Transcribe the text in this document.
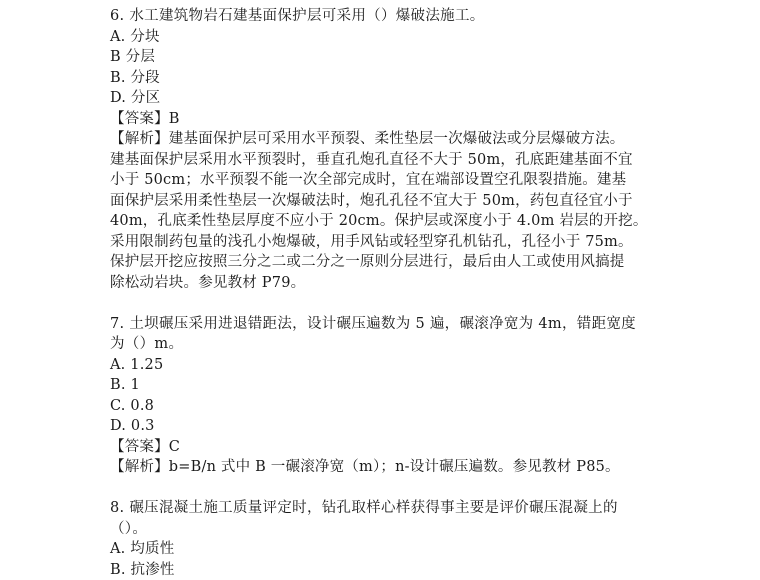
6. 水工建筑物岩石建基面保护层可采用（）爆破法施工。
A. 分块
B 分层
B. 分段
D. 分区
【答案】B
【解析】建基面保护层可采用水平预裂、柔性垫层一次爆破法或分层爆破方法。
建基面保护层采用水平预裂时，垂直孔炮孔直径不大于 50m，孔底距建基面不宜
小于 50cm；水平预裂不能一次全部完成时，宜在端部设置空孔限裂措施。建基
面保护层采用柔性垫层一次爆破法时，炮孔孔径不宜大于 50m，药包直径宜小于
40m，孔底柔性垫层厚度不应小于 20cm。保护层或深度小于 4.0m 岩层的开挖。
采用限制药包量的浅孔小炮爆破，用手风钻或轻型穿孔机钻孔，孔径小于 75m。
保护层开挖应按照三分之二或二分之一原则分层进行，最后由人工或使用风搞提
除松动岩块。参见教材 P79。
7. 土坝碾压采用进退错距法，设计碾压遍数为 5 遍，碾滚净宽为 4m，错距宽度
为（）m。
A. 1.25
B. 1
C. 0.8
D. 0.3
【答案】C
【解析】b=B/n 式中 B 一碾滚净宽（m）；n-设计碾压遍数。参见教材 P85。
8. 碾压混凝土施工质量评定时，钻孔取样心样获得事主要是评价碾压混凝上的
（）。
A. 均质性
B. 抗渗性
